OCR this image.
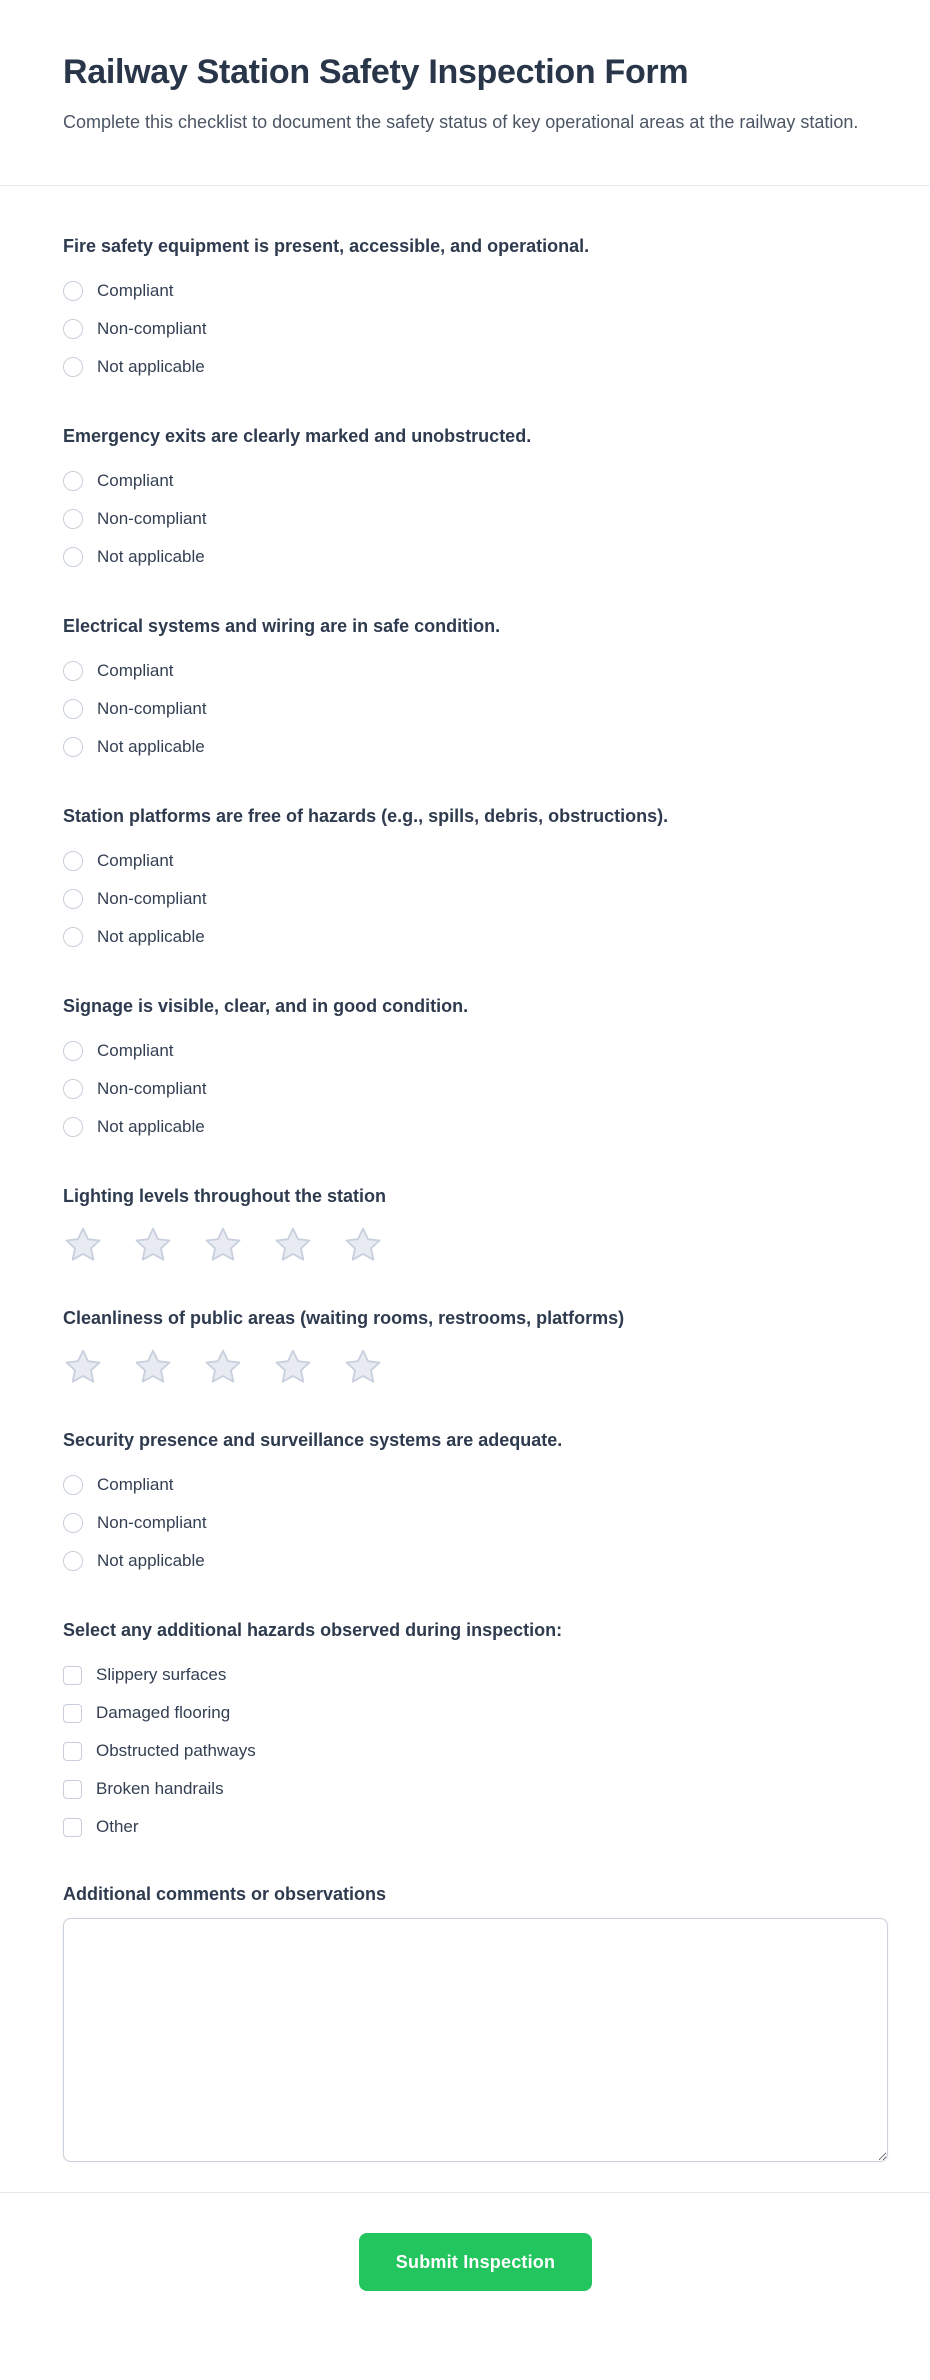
Railway Station Safety Inspection Form

Complete this checklist to document the safety status of key operational areas at the railway station.

Fire safety equipment is present, accessible, and operational.
Compliant
Non-compliant
Not applicable
Emergency exits are clearly marked and unobstructed.
Compliant
Non-compliant
Not applicable
Electrical systems and wiring are in safe condition.
Compliant
Non-compliant
Not applicable
Station platforms are free of hazards (e.g., spills, debris, obstructions).
Compliant
Non-compliant
Not applicable
Signage is visible, clear, and in good condition.
Compliant
Non-compliant
Not applicable
Lighting levels throughout the station
Cleanliness of public areas (waiting rooms, restrooms, platforms)
Security presence and surveillance systems are adequate.
Compliant
Non-compliant
Not applicable
Select any additional hazards observed during inspection:
Slippery surfaces
Damaged flooring
Obstructed pathways
Broken handrails
Other
Additional comments or observations
Submit Inspection
